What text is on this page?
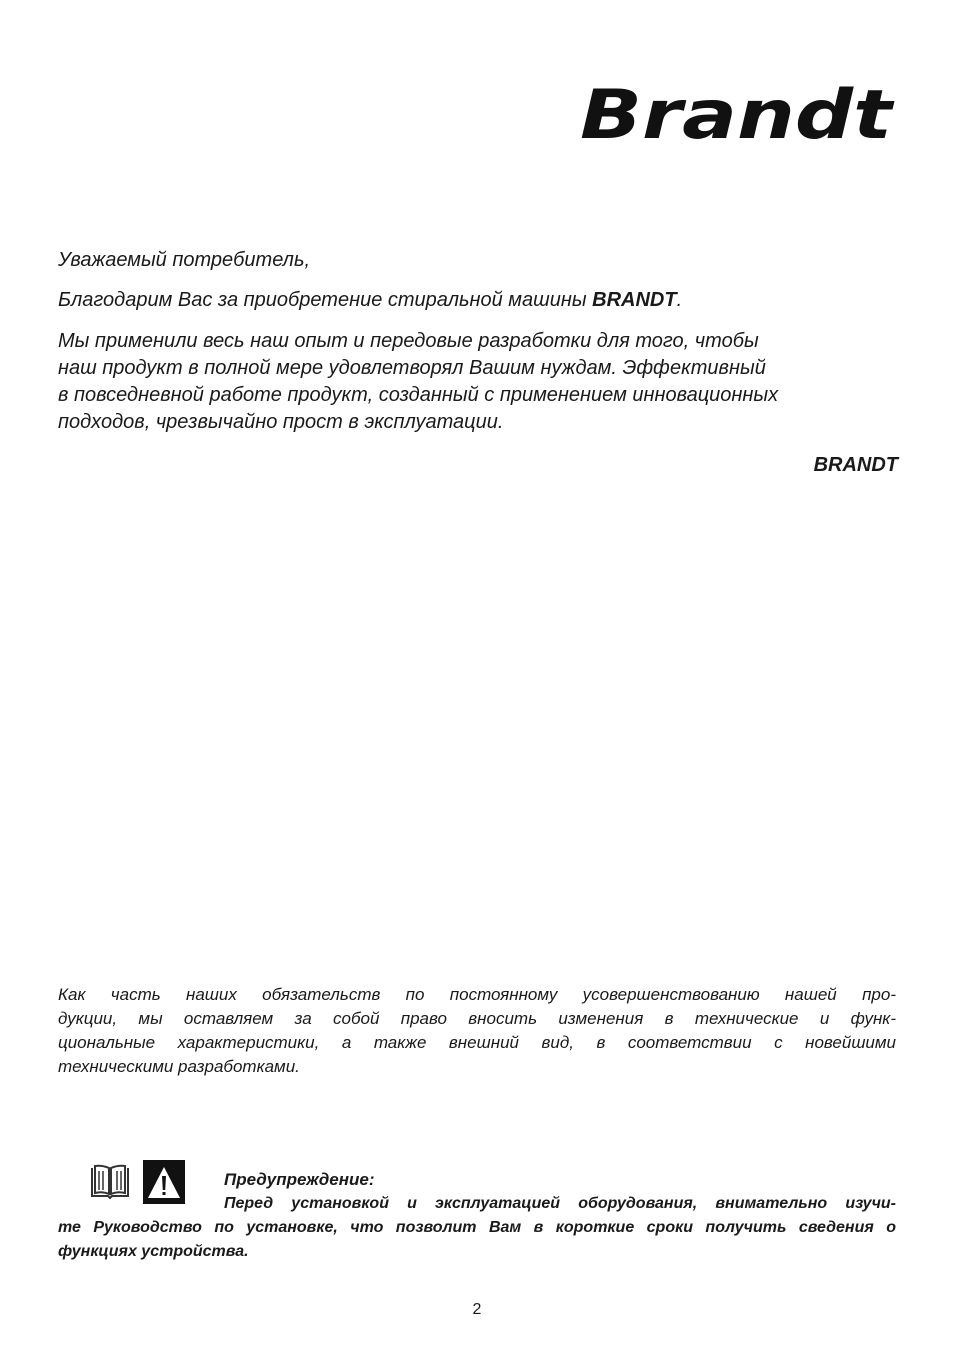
Brandt
Уважаемый потребитель,
Благодарим Вас за приобретение стиральной машины BRANDT.
Мы применили весь наш опыт и передовые разработки для того, чтобы
наш продукт в полной мере удовлетворял Вашим нуждам. Эффективный
в повседневной работе продукт, созданный с применением инновационных
подходов, чрезвычайно прост в эксплуатации.
BRANDT
Как часть наших обязательств по постоянному усовершенствованию нашей про-
дукции, мы оставляем за собой право вносить изменения в технические и функ-
циональные характеристики, а также внешний вид, в соответствии с новейшими
техническими разработками.
Предупреждение:
Перед установкой и эксплуатацией оборудования, внимательно изучи-
те Руководство по установке, что позволит Вам в короткие сроки получить сведения о
функциях устройства.
2
